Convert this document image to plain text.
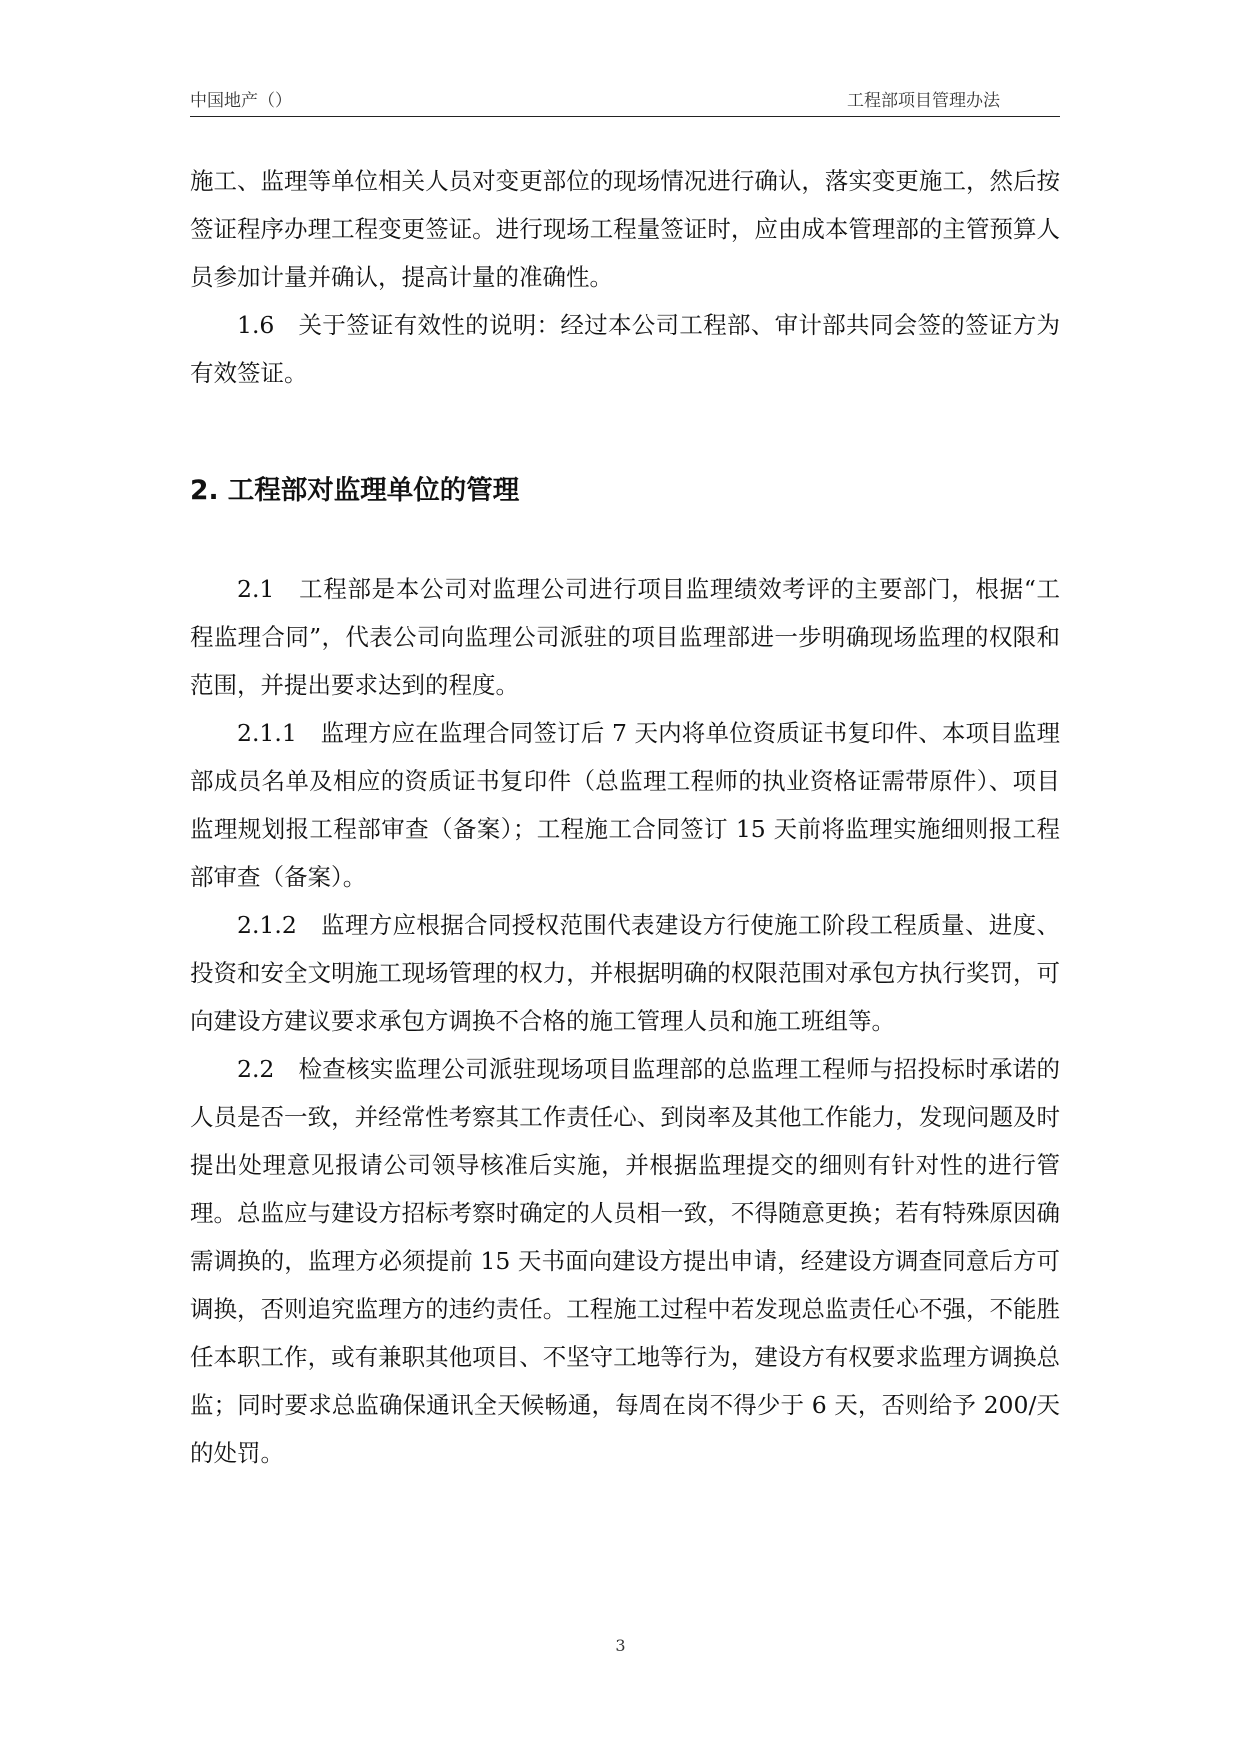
中国地产（）	工程部项目管理办法

施工、监理等单位相关人员对变更部位的现场情况进行确认，落实变更施工，然后按签证程序办理工程变更签证。进行现场工程量签证时，应由成本管理部的主管预算人员参加计量并确认，提高计量的准确性。

1.6　关于签证有效性的说明：经过本公司工程部、审计部共同会签的签证方为有效签证。

2. 工程部对监理单位的管理

2.1　工程部是本公司对监理公司进行项目监理绩效考评的主要部门，根据“工程监理合同”，代表公司向监理公司派驻的项目监理部进一步明确现场监理的权限和范围，并提出要求达到的程度。

2.1.1　监理方应在监理合同签订后 7 天内将单位资质证书复印件、本项目监理部成员名单及相应的资质证书复印件（总监理工程师的执业资格证需带原件）、项目监理规划报工程部审查（备案）；工程施工合同签订 15 天前将监理实施细则报工程部审查（备案）。

2.1.2　监理方应根据合同授权范围代表建设方行使施工阶段工程质量、进度、投资和安全文明施工现场管理的权力，并根据明确的权限范围对承包方执行奖罚，可向建设方建议要求承包方调换不合格的施工管理人员和施工班组等。

2.2　检查核实监理公司派驻现场项目监理部的总监理工程师与招投标时承诺的人员是否一致，并经常性考察其工作责任心、到岗率及其他工作能力，发现问题及时提出处理意见报请公司领导核准后实施，并根据监理提交的细则有针对性的进行管理。总监应与建设方招标考察时确定的人员相一致，不得随意更换；若有特殊原因确需调换的，监理方必须提前 15 天书面向建设方提出申请，经建设方调查同意后方可调换，否则追究监理方的违约责任。工程施工过程中若发现总监责任心不强，不能胜任本职工作，或有兼职其他项目、不坚守工地等行为，建设方有权要求监理方调换总监；同时要求总监确保通讯全天候畅通，每周在岗不得少于 6 天，否则给予 200/天的处罚。

3
